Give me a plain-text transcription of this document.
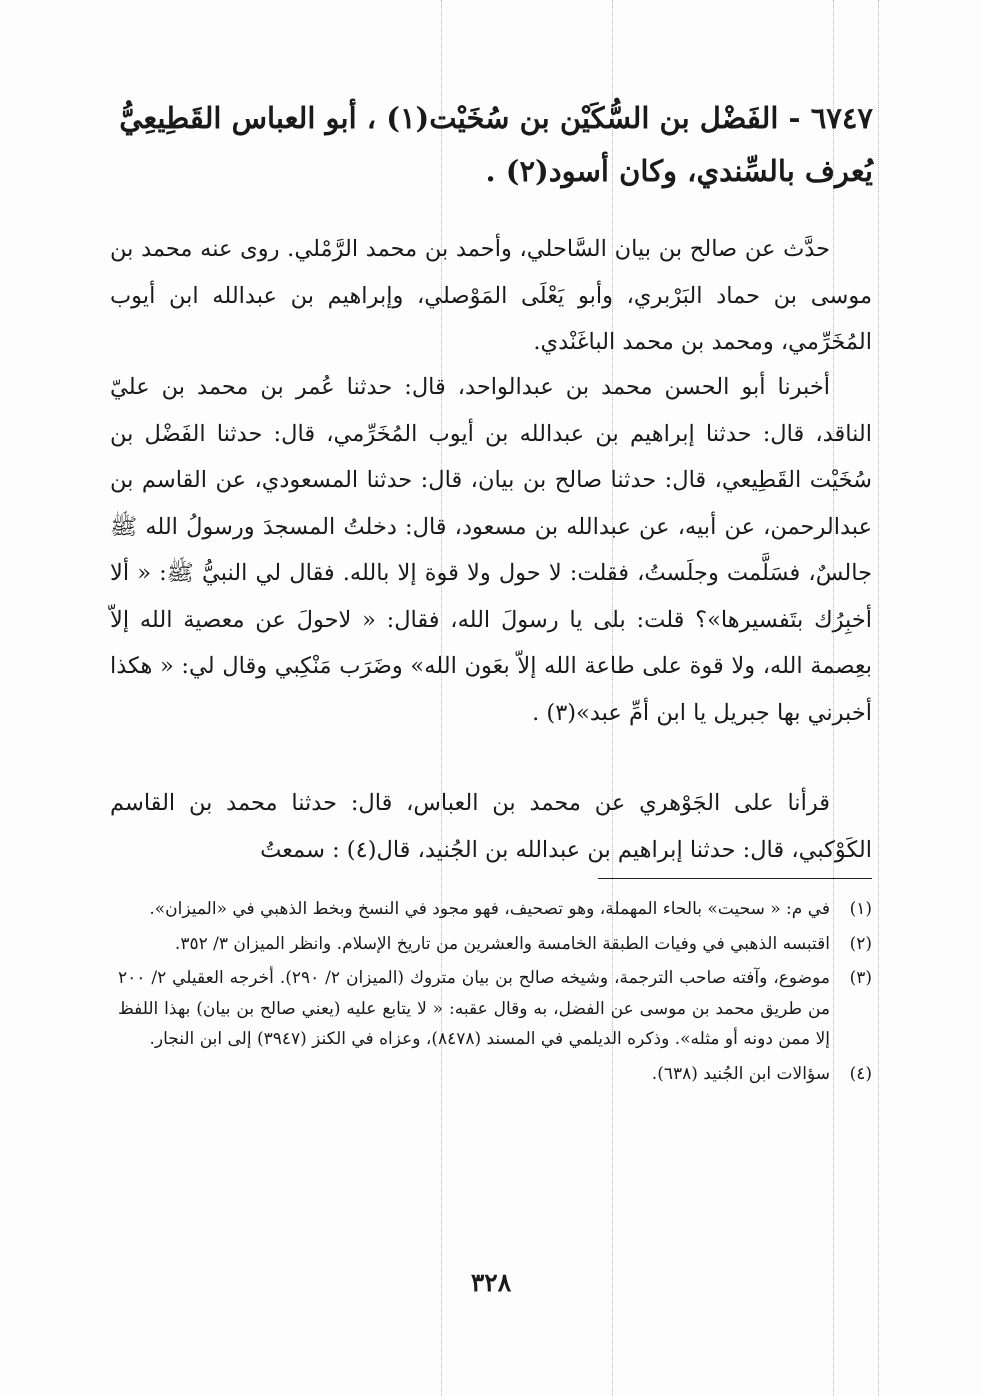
٦٧٤٧ - الفَضْل بن السُّكَيْن بن سُخَيْت(١) ، أبو العباس القَطِيعِيُّ يُعرف بالسِّندي، وكان أسود(٢) .
حدَّث عن صالح بن بيان السَّاحلي، وأحمد بن محمد الرَّمْلي. روى عنه محمد بن موسى بن حماد البَرْبري، وأبو يَعْلَى المَوْصلي، وإبراهيم بن عبدالله ابن أيوب المُخَرِّمي، ومحمد بن محمد الباغَنْدي.
أخبرنا أبو الحسن محمد بن عبدالواحد، قال: حدثنا عُمر بن محمد بن عليّ الناقد، قال: حدثنا إبراهيم بن عبدالله بن أيوب المُخَرِّمي، قال: حدثنا الفَضْل بن سُخَيْت القَطِيعي، قال: حدثنا صالح بن بيان، قال: حدثنا المسعودي، عن القاسم بن عبدالرحمن، عن أبيه، عن عبدالله بن مسعود، قال: دخلتُ المسجدَ ورسولُ الله ﷺ جالسٌ، فسَلَّمت وجلَستُ، فقلت: لا حول ولا قوة إلا بالله. فقال لي النبيُّ ﷺ: « ألا أخبِرُك بتَفسيرها»؟ قلت: بلى يا رسولَ الله، فقال: « لاحولَ عن معصية الله إلاّ بعِصمة الله، ولا قوة على طاعة الله إلاّ بعَون الله» وضَرَب مَنْكِبي وقال لي: « هكذا أخبرني بها جبريل يا ابن أمِّ عبد»(٣) .
قرأنا على الجَوْهري عن محمد بن العباس، قال: حدثنا محمد بن القاسم الكَوْكبي، قال: حدثنا إبراهيم بن عبدالله بن الجُنيد، قال(٤) : سمعتُ
(١)
في م: « سحيت» بالحاء المهملة، وهو تصحيف، فهو مجود في النسخ وبخط الذهبي في «الميزان».
(٢)
اقتبسه الذهبي في وفيات الطبقة الخامسة والعشرين من تاريخ الإسلام. وانظر الميزان ٣/ ٣٥٢.
(٣)
موضوع، وآفته صاحب الترجمة، وشيخه صالح بن بيان متروك (الميزان ٢/ ٢٩٠). أخرجه العقيلي ٢/ ٢٠٠ من طريق محمد بن موسى عن الفضل، به وقال عقبه: « لا يتابع عليه (يعني صالح بن بيان) بهذا اللفظ إلا ممن دونه أو مثله». وذكره الديلمي في المسند (٨٤٧٨)، وعزاه في الكنز (٣٩٤٧) إلى ابن النجار.
(٤)
سؤالات ابن الجُنيد (٦٣٨).
٣٢٨
